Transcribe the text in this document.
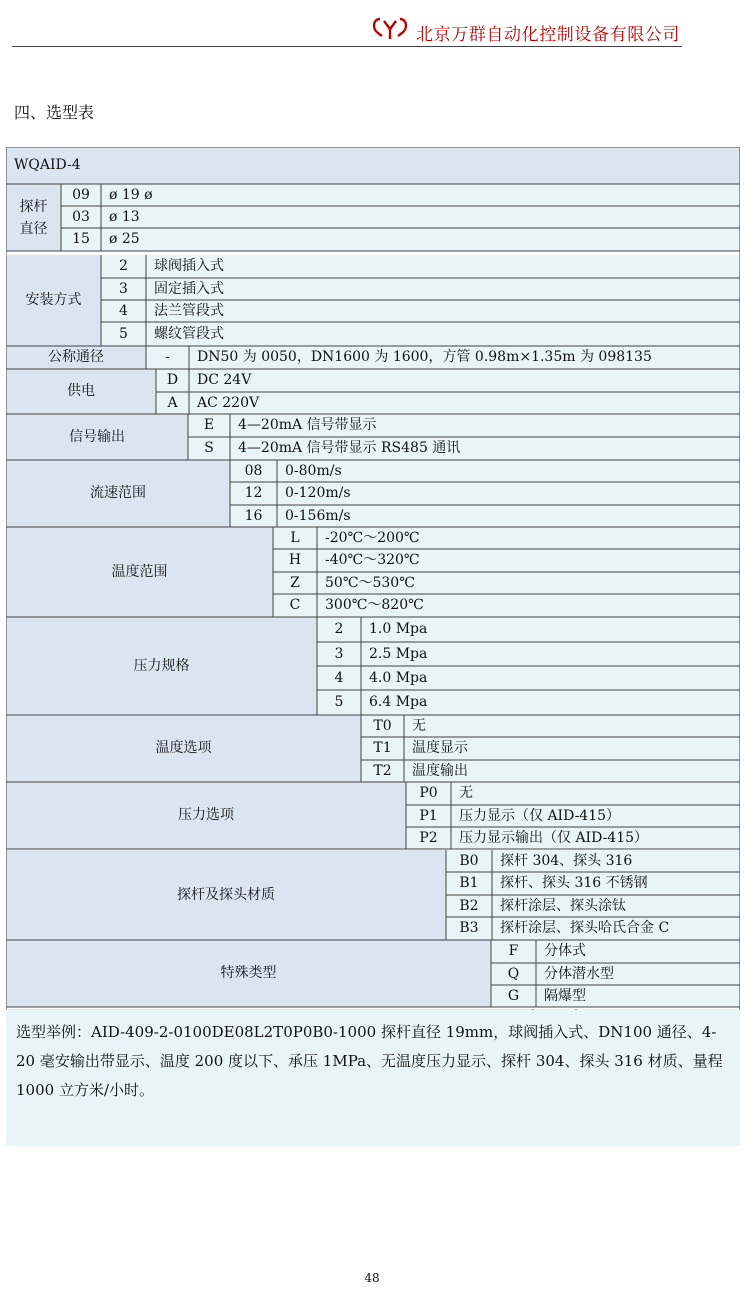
北京万群自动化控制设备有限公司
四、选型表
WQAID-4
探杆
直径
09	ø 19 ø
03	ø 13
15	ø 25
安装方式
2	球阀插入式
3	固定插入式
4	法兰管段式
5	螺纹管段式
公称通径	-	DN50 为 0050，DN1600 为 1600，方管 0.98m×1.35m 为 098135
供电
D	DC 24V
A	AC 220V
信号输出
E	4—20mA 信号带显示
S	4—20mA 信号带显示 RS485 通讯
流速范围
08	0-80m/s
12	0-120m/s
16	0-156m/s
温度范围
L	-20℃～200℃
H	-40℃～320℃
Z	50℃～530℃
C	300℃～820℃
压力规格
2	1.0 Mpa
3	2.5 Mpa
4	4.0 Mpa
5	6.4 Mpa
温度选项
T0	无
T1	温度显示
T2	温度输出
压力选项
P0	无
P1	压力显示（仅 AID-415）
P2	压力显示输出（仅 AID-415）
探杆及探头材质
B0	探杆 304、探头 316
B1	探杆、探头 316 不锈钢
B2	探杆涂层、探头涂钛
B3	探杆涂层、探头哈氏合金 C
特殊类型
F	分体式
Q	分体潜水型
G	隔爆型
选型举例：AID-409-2-0100DE08L2T0P0B0-1000 探杆直径 19mm，球阀插入式、DN100 通径、4-20 毫安输出带显示、温度 200 度以下、承压 1MPa、无温度压力显示、探杆 304、探头 316 材质、量程 1000 立方米/小时。
48
